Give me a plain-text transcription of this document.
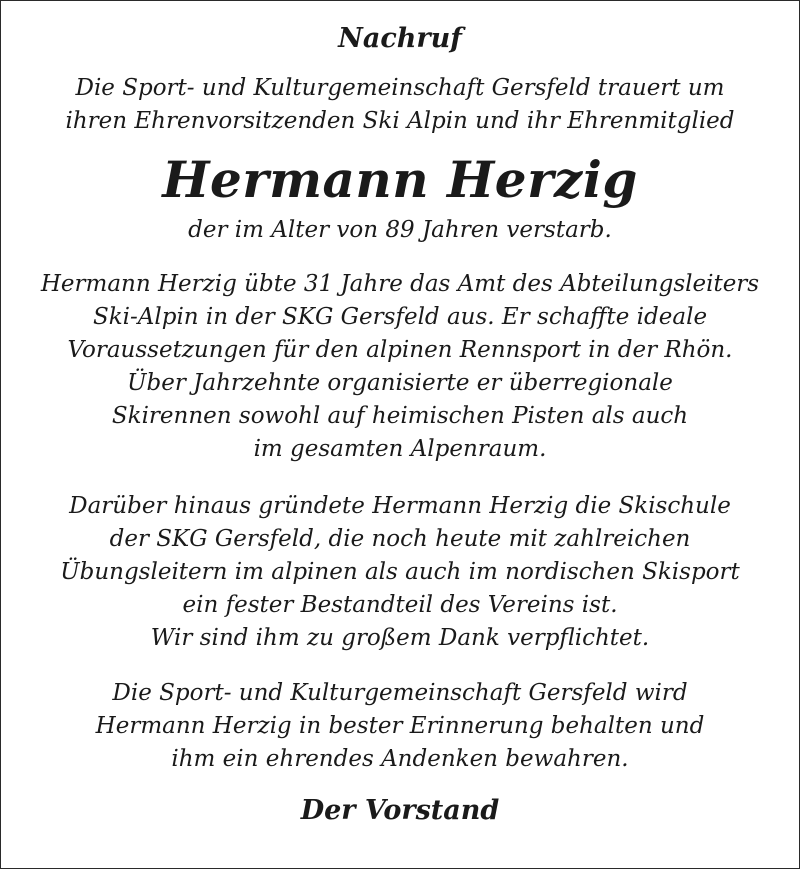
Nachruf
Die Sport- und Kulturgemeinschaft Gersfeld trauert um
ihren Ehrenvorsitzenden Ski Alpin und ihr Ehrenmitglied
Hermann Herzig
der im Alter von 89 Jahren verstarb.
Hermann Herzig übte 31 Jahre das Amt des Abteilungsleiters
Ski-Alpin in der SKG Gersfeld aus. Er schaffte ideale
Voraussetzungen für den alpinen Rennsport in der Rhön.
Über Jahrzehnte organisierte er überregionale
Skirennen sowohl auf heimischen Pisten als auch
im gesamten Alpenraum.
Darüber hinaus gründete Hermann Herzig die Skischule
der SKG Gersfeld, die noch heute mit zahlreichen
Übungsleitern im alpinen als auch im nordischen Skisport
ein fester Bestandteil des Vereins ist.
Wir sind ihm zu großem Dank verpflichtet.
Die Sport- und Kulturgemeinschaft Gersfeld wird
Hermann Herzig in bester Erinnerung behalten und
ihm ein ehrendes Andenken bewahren.
Der Vorstand
